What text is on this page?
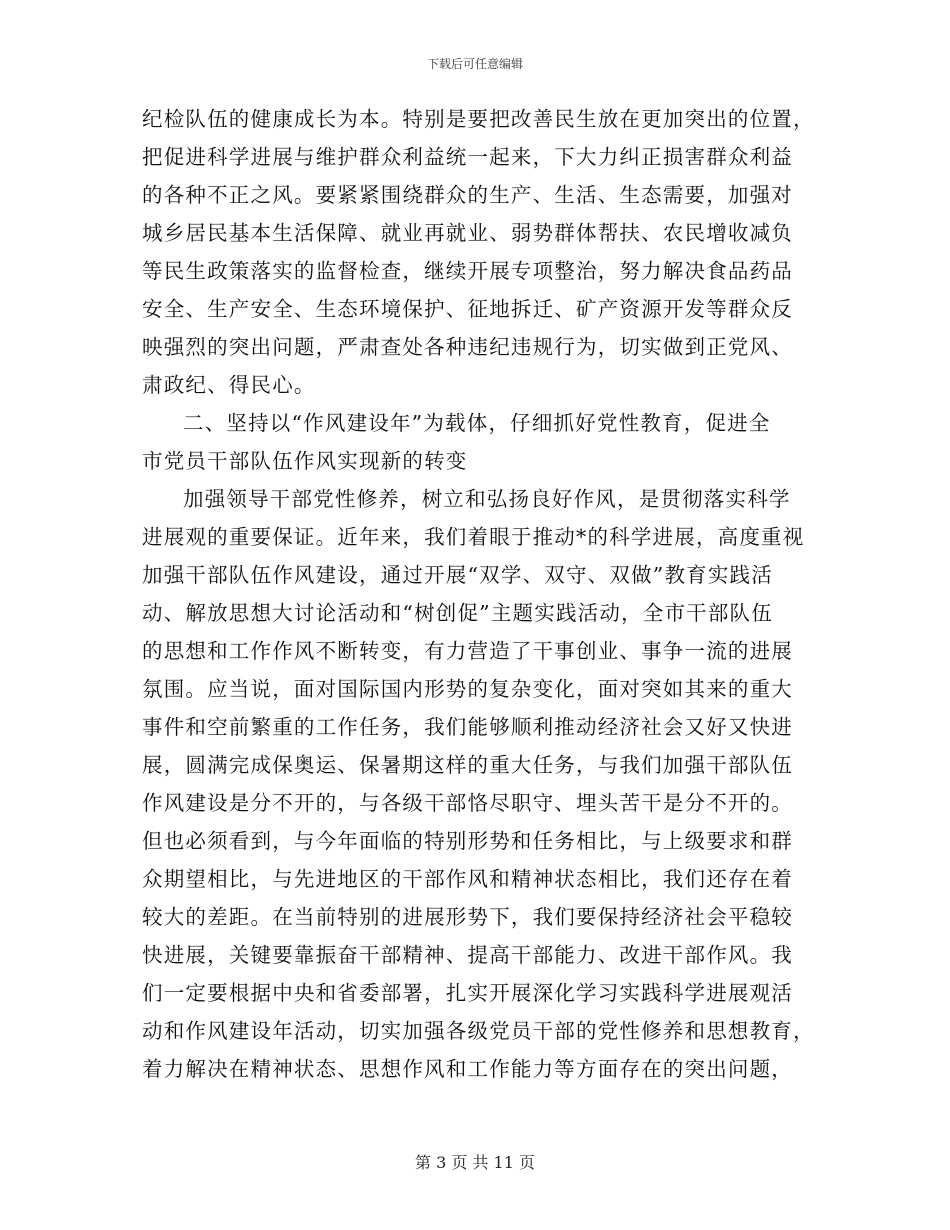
下载后可任意编辑
纪检队伍的健康成长为本。特别是要把改善民生放在更加突出的位置，
把促进科学进展与维护群众利益统一起来，下大力纠正损害群众利益
的各种不正之风。要紧紧围绕群众的生产、生活、生态需要，加强对
城乡居民基本生活保障、就业再就业、弱势群体帮扶、农民增收减负
等民生政策落实的监督检查，继续开展专项整治，努力解决食品药品
安全、生产安全、生态环境保护、征地拆迁、矿产资源开发等群众反
映强烈的突出问题，严肃查处各种违纪违规行为，切实做到正党风、
肃政纪、得民心。
二、坚持以“作风建设年”为载体，仔细抓好党性教育，促进全
市党员干部队伍作风实现新的转变
加强领导干部党性修养，树立和弘扬良好作风，是贯彻落实科学
进展观的重要保证。近年来，我们着眼于推动*的科学进展，高度重视
加强干部队伍作风建设，通过开展“双学、双守、双做”教育实践活
动、解放思想大讨论活动和“树创促”主题实践活动，全市干部队伍
的思想和工作作风不断转变，有力营造了干事创业、事争一流的进展
氛围。应当说，面对国际国内形势的复杂变化，面对突如其来的重大
事件和空前繁重的工作任务，我们能够顺利推动经济社会又好又快进
展，圆满完成保奥运、保暑期这样的重大任务，与我们加强干部队伍
作风建设是分不开的，与各级干部恪尽职守、埋头苦干是分不开的。
但也必须看到，与今年面临的特别形势和任务相比，与上级要求和群
众期望相比，与先进地区的干部作风和精神状态相比，我们还存在着
较大的差距。在当前特别的进展形势下，我们要保持经济社会平稳较
快进展，关键要靠振奋干部精神、提高干部能力、改进干部作风。我
们一定要根据中央和省委部署，扎实开展深化学习实践科学进展观活
动和作风建设年活动，切实加强各级党员干部的党性修养和思想教育，
着力解决在精神状态、思想作风和工作能力等方面存在的突出问题，
第 3 页 共 11 页
